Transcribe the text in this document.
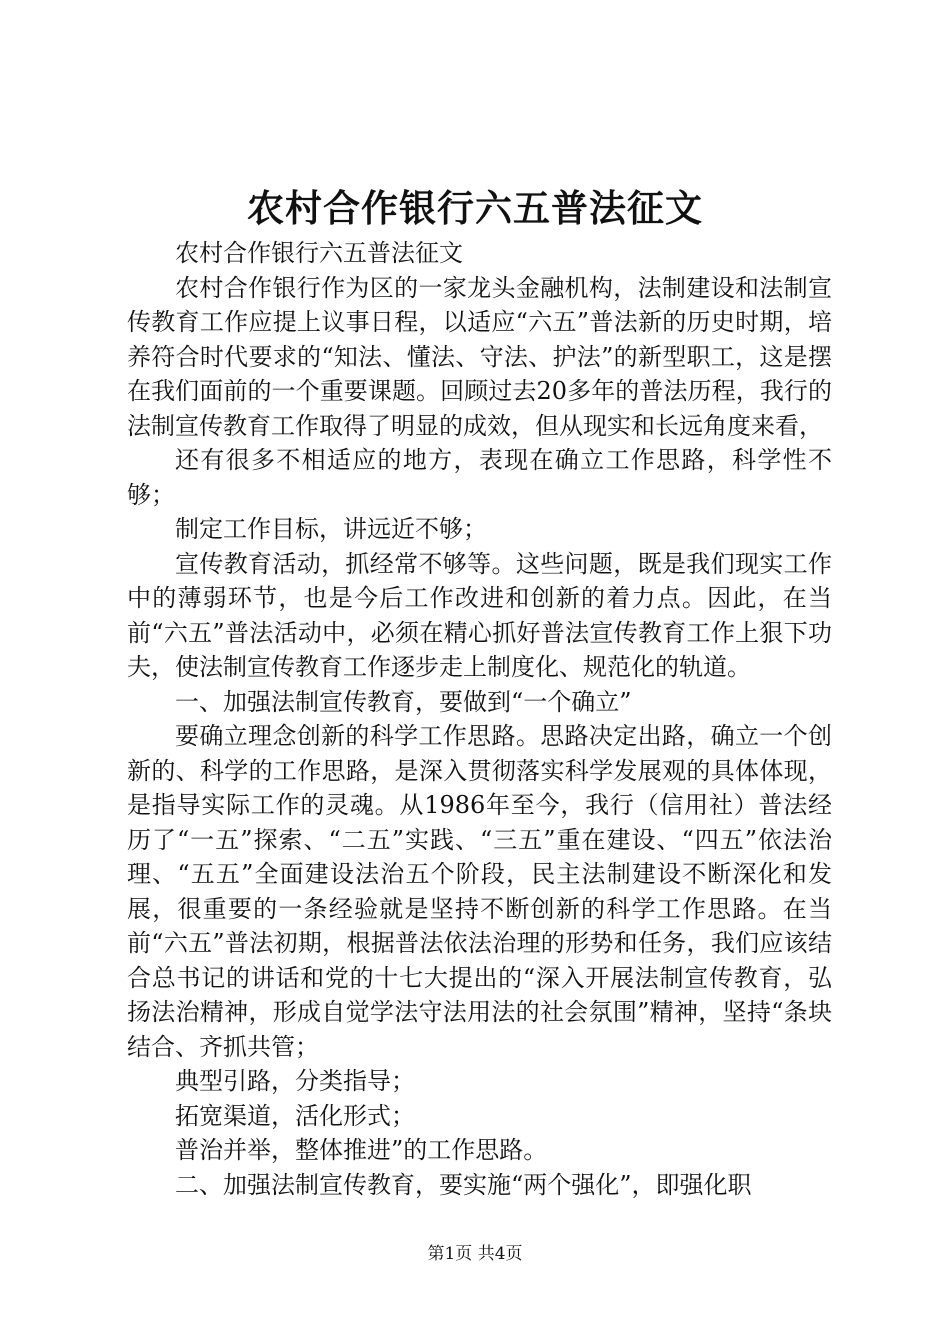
农村合作银行六五普法征文

农村合作银行六五普法征文

农村合作银行作为区的一家龙头金融机构，法制建设和法制宣传教育工作应提上议事日程，以适应“六五”普法新的历史时期，培养符合时代要求的“知法、懂法、守法、护法”的新型职工，这是摆在我们面前的一个重要课题。回顾过去20多年的普法历程，我行的法制宣传教育工作取得了明显的成效，但从现实和长远角度来看，

还有很多不相适应的地方，表现在确立工作思路，科学性不够；

制定工作目标，讲远近不够；

宣传教育活动，抓经常不够等。这些问题，既是我们现实工作中的薄弱环节，也是今后工作改进和创新的着力点。因此，在当前“六五”普法活动中，必须在精心抓好普法宣传教育工作上狠下功夫，使法制宣传教育工作逐步走上制度化、规范化的轨道。

一、加强法制宣传教育，要做到“一个确立”

要确立理念创新的科学工作思路。思路决定出路，确立一个创新的、科学的工作思路，是深入贯彻落实科学发展观的具体体现，是指导实际工作的灵魂。从1986年至今，我行（信用社）普法经历了“一五”探索、“二五”实践、“三五”重在建设、“四五”依法治理、“五五”全面建设法治五个阶段，民主法制建设不断深化和发展，很重要的一条经验就是坚持不断创新的科学工作思路。在当前“六五”普法初期，根据普法依法治理的形势和任务，我们应该结合总书记的讲话和党的十七大提出的“深入开展法制宣传教育，弘扬法治精神，形成自觉学法守法用法的社会氛围”精神，坚持“条块结合、齐抓共管；

典型引路，分类指导；

拓宽渠道，活化形式；

普治并举，整体推进”的工作思路。

二、加强法制宣传教育，要实施“两个强化”，即强化职

第1页 共4页
